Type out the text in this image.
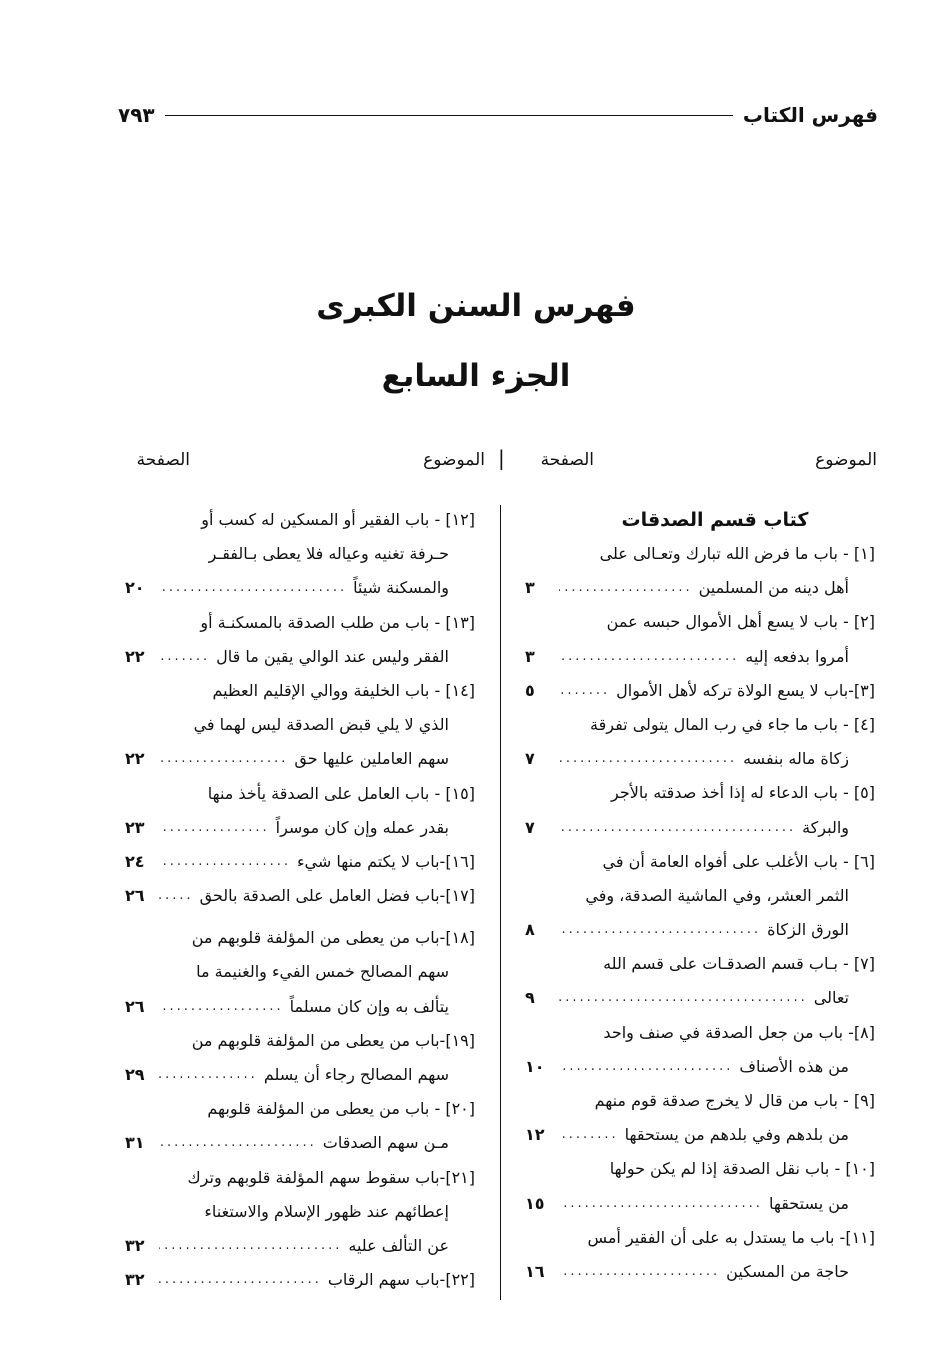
فهرس الكتاب
٧٩٣
فهرس السنن الكبرى
الجزء السابع
الموضوع
الصفحة
|
الموضوع
الصفحة
كتاب قسم الصدقات
[١] - باب ما فرض الله تبارك وتعـالى على
أهل دينه من المسلمين
.....
٣
[٢] - باب لا يسع أهل الأموال حبسه عمن
أمروا بدفعه إليه
.....
٣
[٣]-باب لا يسع الولاة تركه لأهل الأموال
.....
٥
[٤] - باب ما جاء في رب المال يتولى تفرقة
زكاة ماله بنفسه
.....
٧
[٥] - باب الدعاء له إذا أخذ صدقته بالأجر
والبركة
.....
٧
[٦] - باب الأغلب على أفواه العامة أن في
الثمر العشر، وفي الماشية الصدقة، وفي
الورق الزكاة
.....
٨
[٧] - بـاب قسم الصدقـات على قسم الله
تعالى
.....
٩
[٨]- باب من جعل الصدقة في صنف واحد
من هذه الأصناف
.....
١٠
[٩] - باب من قال لا يخرج صدقة قوم منهم
من بلدهم وفي بلدهم من يستحقها
.....
١٢
[١٠] - باب نقل الصدقة إذا لم يكن حولها
من يستحقها
.....
١٥
[١١]- باب ما يستدل به على أن الفقير أمس
حاجة من المسكين
.....
١٦
[١٢] - باب الفقير أو المسكين له كسب أو
حـرفة تغنيه وعياله فلا يعطى بـالفقـر
والمسكنة شيئاً
.....
٢٠
[١٣] - باب من طلب الصدقة بالمسكنـة أو
الفقر وليس عند الوالي يقين ما قال
.....
٢٢
[١٤] - باب الخليفة ووالي الإقليم العظيم
الذي لا يلي قبض الصدقة ليس لهما في
سهم العاملين عليها حق
.....
٢٢
[١٥] - باب العامل على الصدقة يأخذ منها
بقدر عمله وإن كان موسراً
.....
٢٣
[١٦]-باب لا يكتم منها شيء
.....
٢٤
[١٧]-باب فضل العامل على الصدقة بالحق
.....
٢٦
[١٨]-باب من يعطى من المؤلفة قلوبهم من
سهم المصالح خمس الفيء والغنيمة ما
يتألف به وإن كان مسلماً
.....
٢٦
[١٩]-باب من يعطى من المؤلفة قلوبهم من
سهم المصالح رجاء أن يسلم
.....
٢٩
[٢٠] - باب من يعطى من المؤلفة قلوبهم
مـن سهم الصدقات
.....
٣١
[٢١]-باب سقوط سهم المؤلفة قلوبهم وترك
إعطائهم عند ظهور الإسلام والاستغناء
عن التألف عليه
.....
٣٢
[٢٢]-باب سهم الرقاب
.....
٣٢
